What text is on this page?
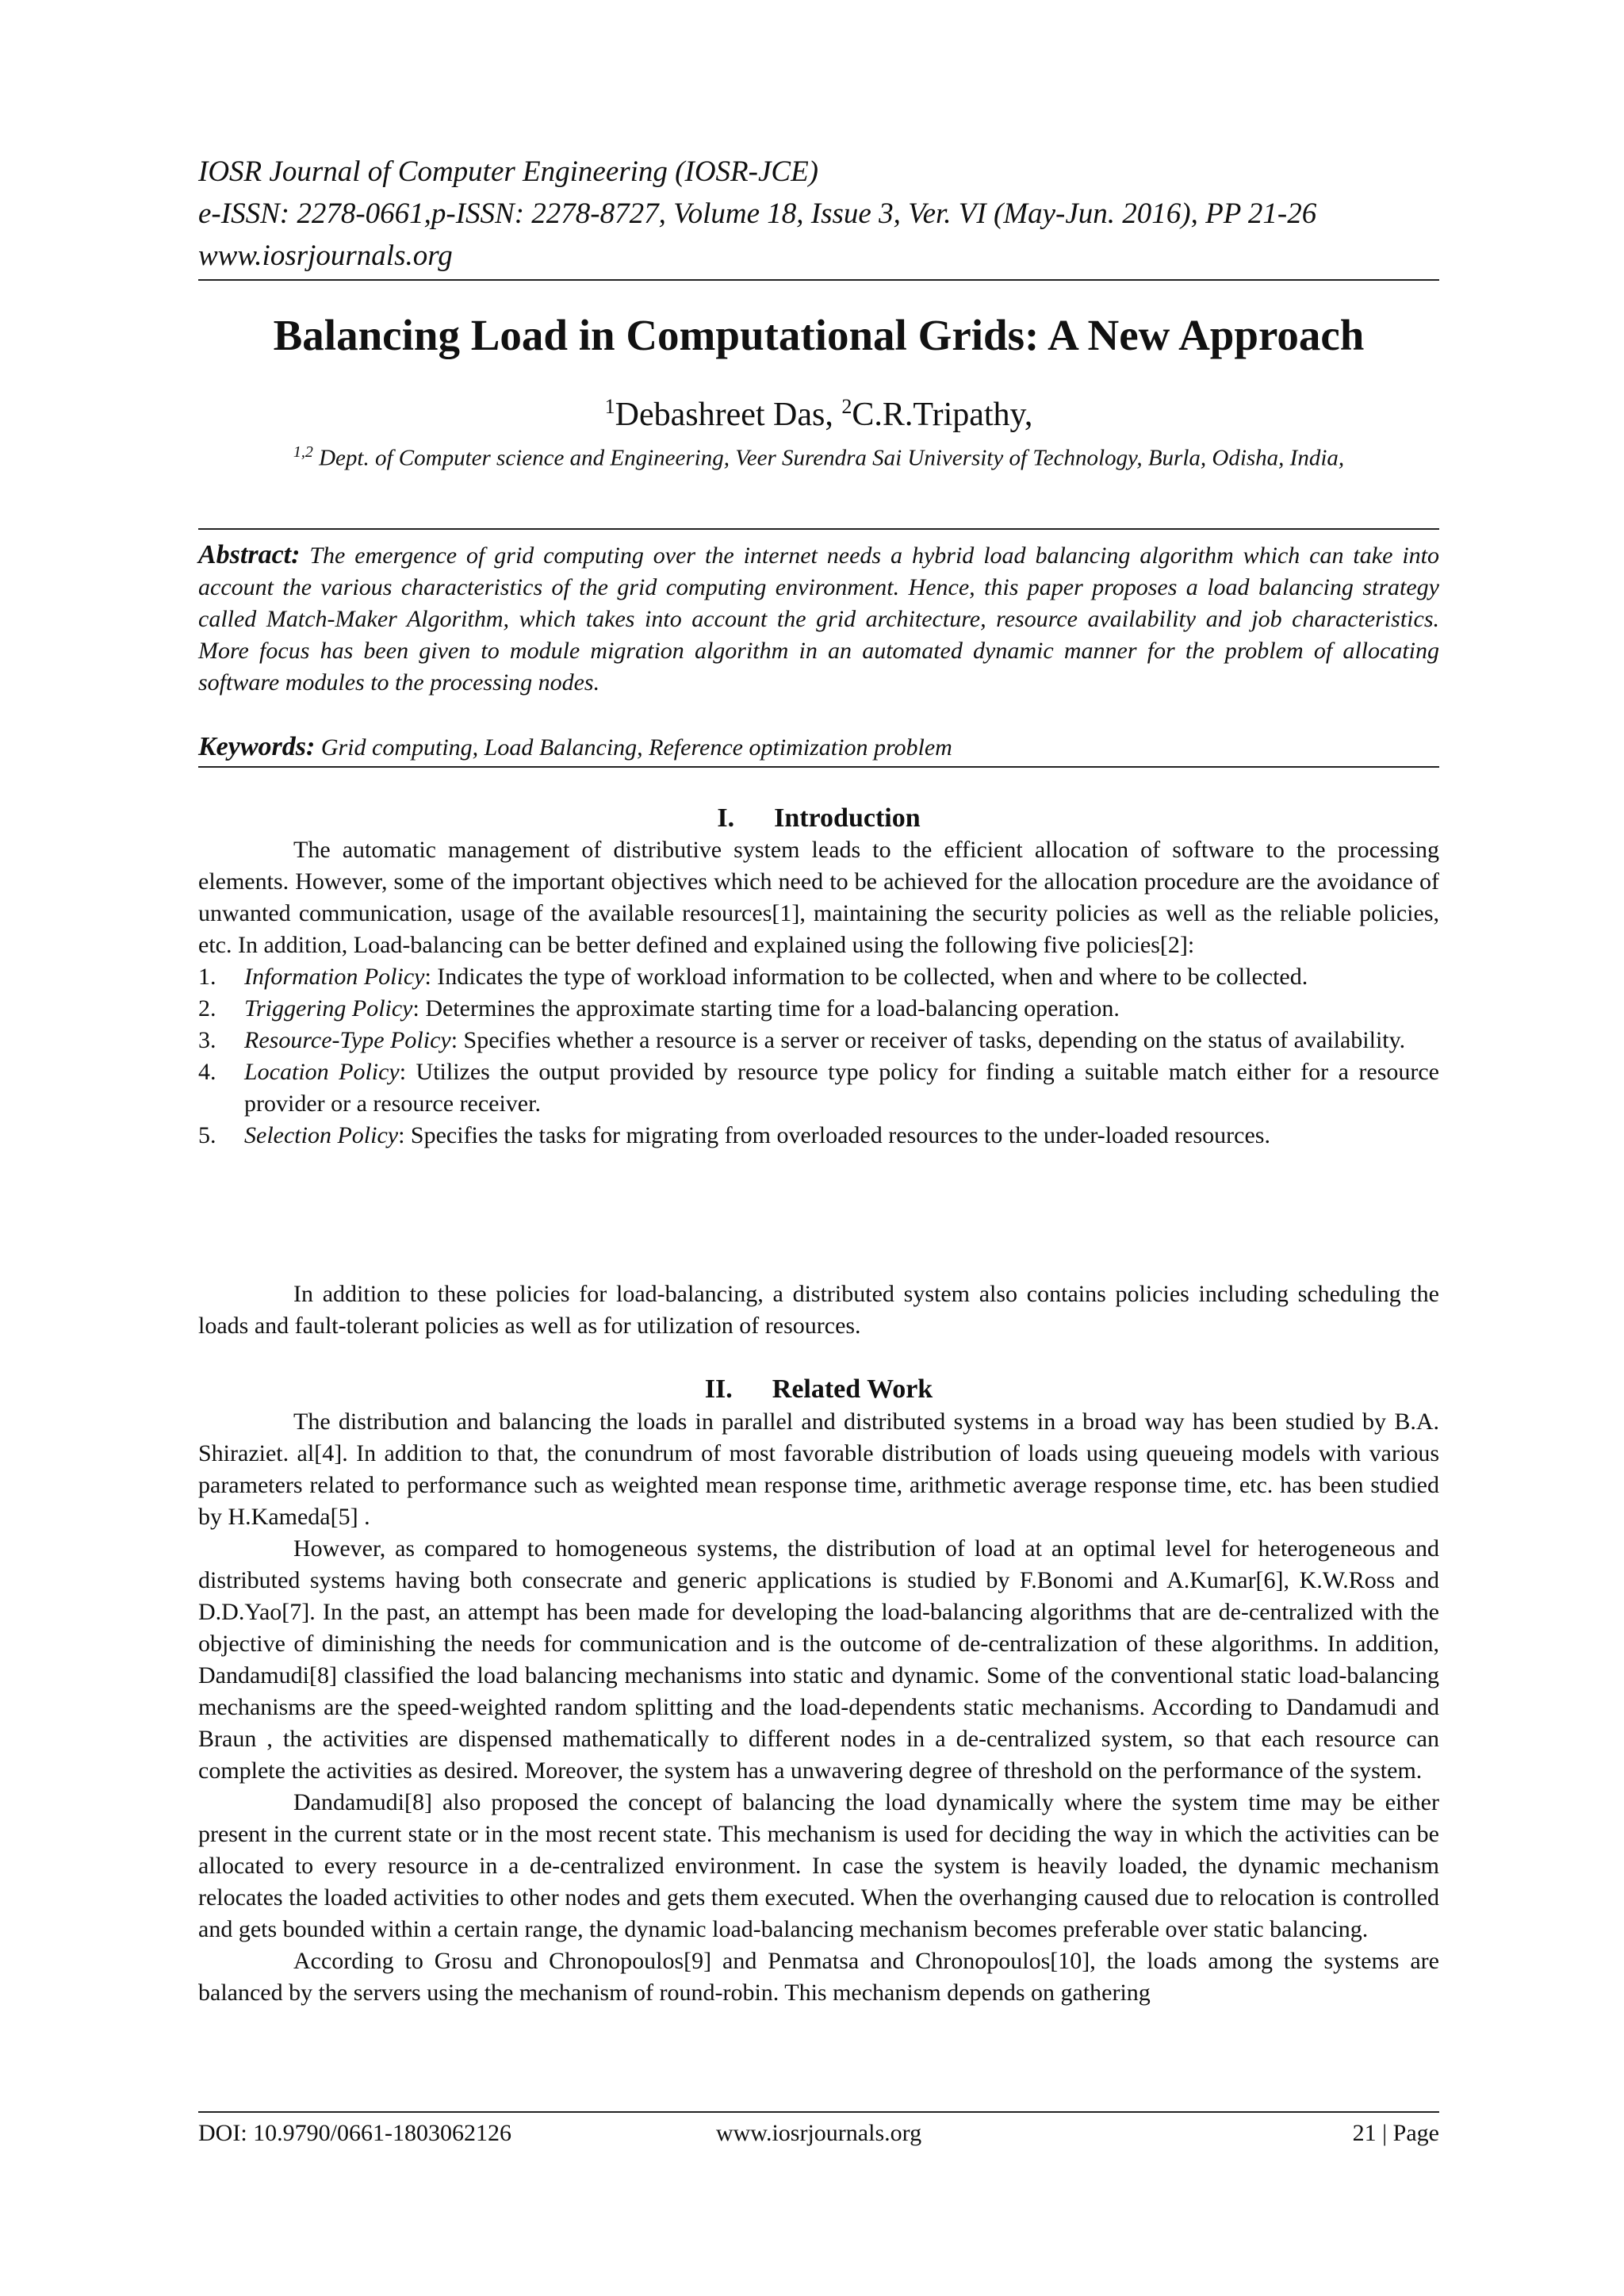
IOSR Journal of Computer Engineering (IOSR-JCE)
e-ISSN: 2278-0661,p-ISSN: 2278-8727, Volume 18, Issue 3, Ver. VI (May-Jun. 2016), PP 21-26
www.iosrjournals.org
Balancing Load in Computational Grids: A New Approach
$^1$Debashreet Das, $^2$C.R.Tripathy,
$^{1,2}$ Dept. of Computer science and Engineering, Veer Surendra Sai University of Technology, Burla, Odisha, India,
Abstract: The emergence of grid computing over the internet needs a hybrid load balancing algorithm which can take into account the various characteristics of the grid computing environment. Hence, this paper proposes a load balancing strategy called Match-Maker Algorithm, which takes into account the grid architecture, resource availability and job characteristics. More focus has been given to module migration algorithm in an automated dynamic manner for the problem of allocating software modules to the processing nodes.
Keywords: Grid computing, Load Balancing, Reference optimization problem
I. Introduction

The automatic management of distributive system leads to the efficient allocation of software to the processing elements. However, some of the important objectives which need to be achieved for the allocation procedure are the avoidance of unwanted communication, usage of the available resources[1], maintaining the security policies as well as the reliable policies, etc. In addition, Load-balancing can be better defined and explained using the following five policies[2]:

1. Information Policy: Indicates the type of workload information to be collected, when and where to be collected.
2. Triggering Policy: Determines the approximate starting time for a load-balancing operation.
3. Resource-Type Policy: Specifies whether a resource is a server or receiver of tasks, depending on the status of availability.
4. Location Policy: Utilizes the output provided by resource type policy for finding a suitable match either for a resource provider or a resource receiver.
5. Selection Policy: Specifies the tasks for migrating from overloaded resources to the under-loaded resources.

In addition to these policies for load-balancing, a distributed system also contains policies including scheduling the loads and fault-tolerant policies as well as for utilization of resources.

II. Related Work

The distribution and balancing the loads in parallel and distributed systems in a broad way has been studied by B.A. Shiraziet. al[4]. In addition to that, the conundrum of most favorable distribution of loads using queueing models with various parameters related to performance such as weighted mean response time, arithmetic average response time, etc. has been studied by H.Kameda[5] .

However, as compared to homogeneous systems, the distribution of load at an optimal level for heterogeneous and distributed systems having both consecrate and generic applications is studied by F.Bonomi and A.Kumar[6], K.W.Ross and D.D.Yao[7]. In the past, an attempt has been made for developing the load-balancing algorithms that are de-centralized with the objective of diminishing the needs for communication and is the outcome of de-centralization of these algorithms. In addition, Dandamudi[8] classified the load balancing mechanisms into static and dynamic. Some of the conventional static load-balancing mechanisms are the speed-weighted random splitting and the load-dependents static mechanisms. According to Dandamudi and Braun , the activities are dispensed mathematically to different nodes in a de-centralized system, so that each resource can complete the activities as desired. Moreover, the system has a unwavering degree of threshold on the performance of the system.

Dandamudi[8] also proposed the concept of balancing the load dynamically where the system time may be either present in the current state or in the most recent state. This mechanism is used for deciding the way in which the activities can be allocated to every resource in a de-centralized environment. In case the system is heavily loaded, the dynamic mechanism relocates the loaded activities to other nodes and gets them executed. When the overhanging caused due to relocation is controlled and gets bounded within a certain range, the dynamic load-balancing mechanism becomes preferable over static balancing.

According to Grosu and Chronopoulos[9] and Penmatsa and Chronopoulos[10], the loads among the systems are balanced by the servers using the mechanism of round-robin. This mechanism depends on gathering

DOI: 10.9790/0661-1803062126	www.iosrjournals.org	21 | Page
